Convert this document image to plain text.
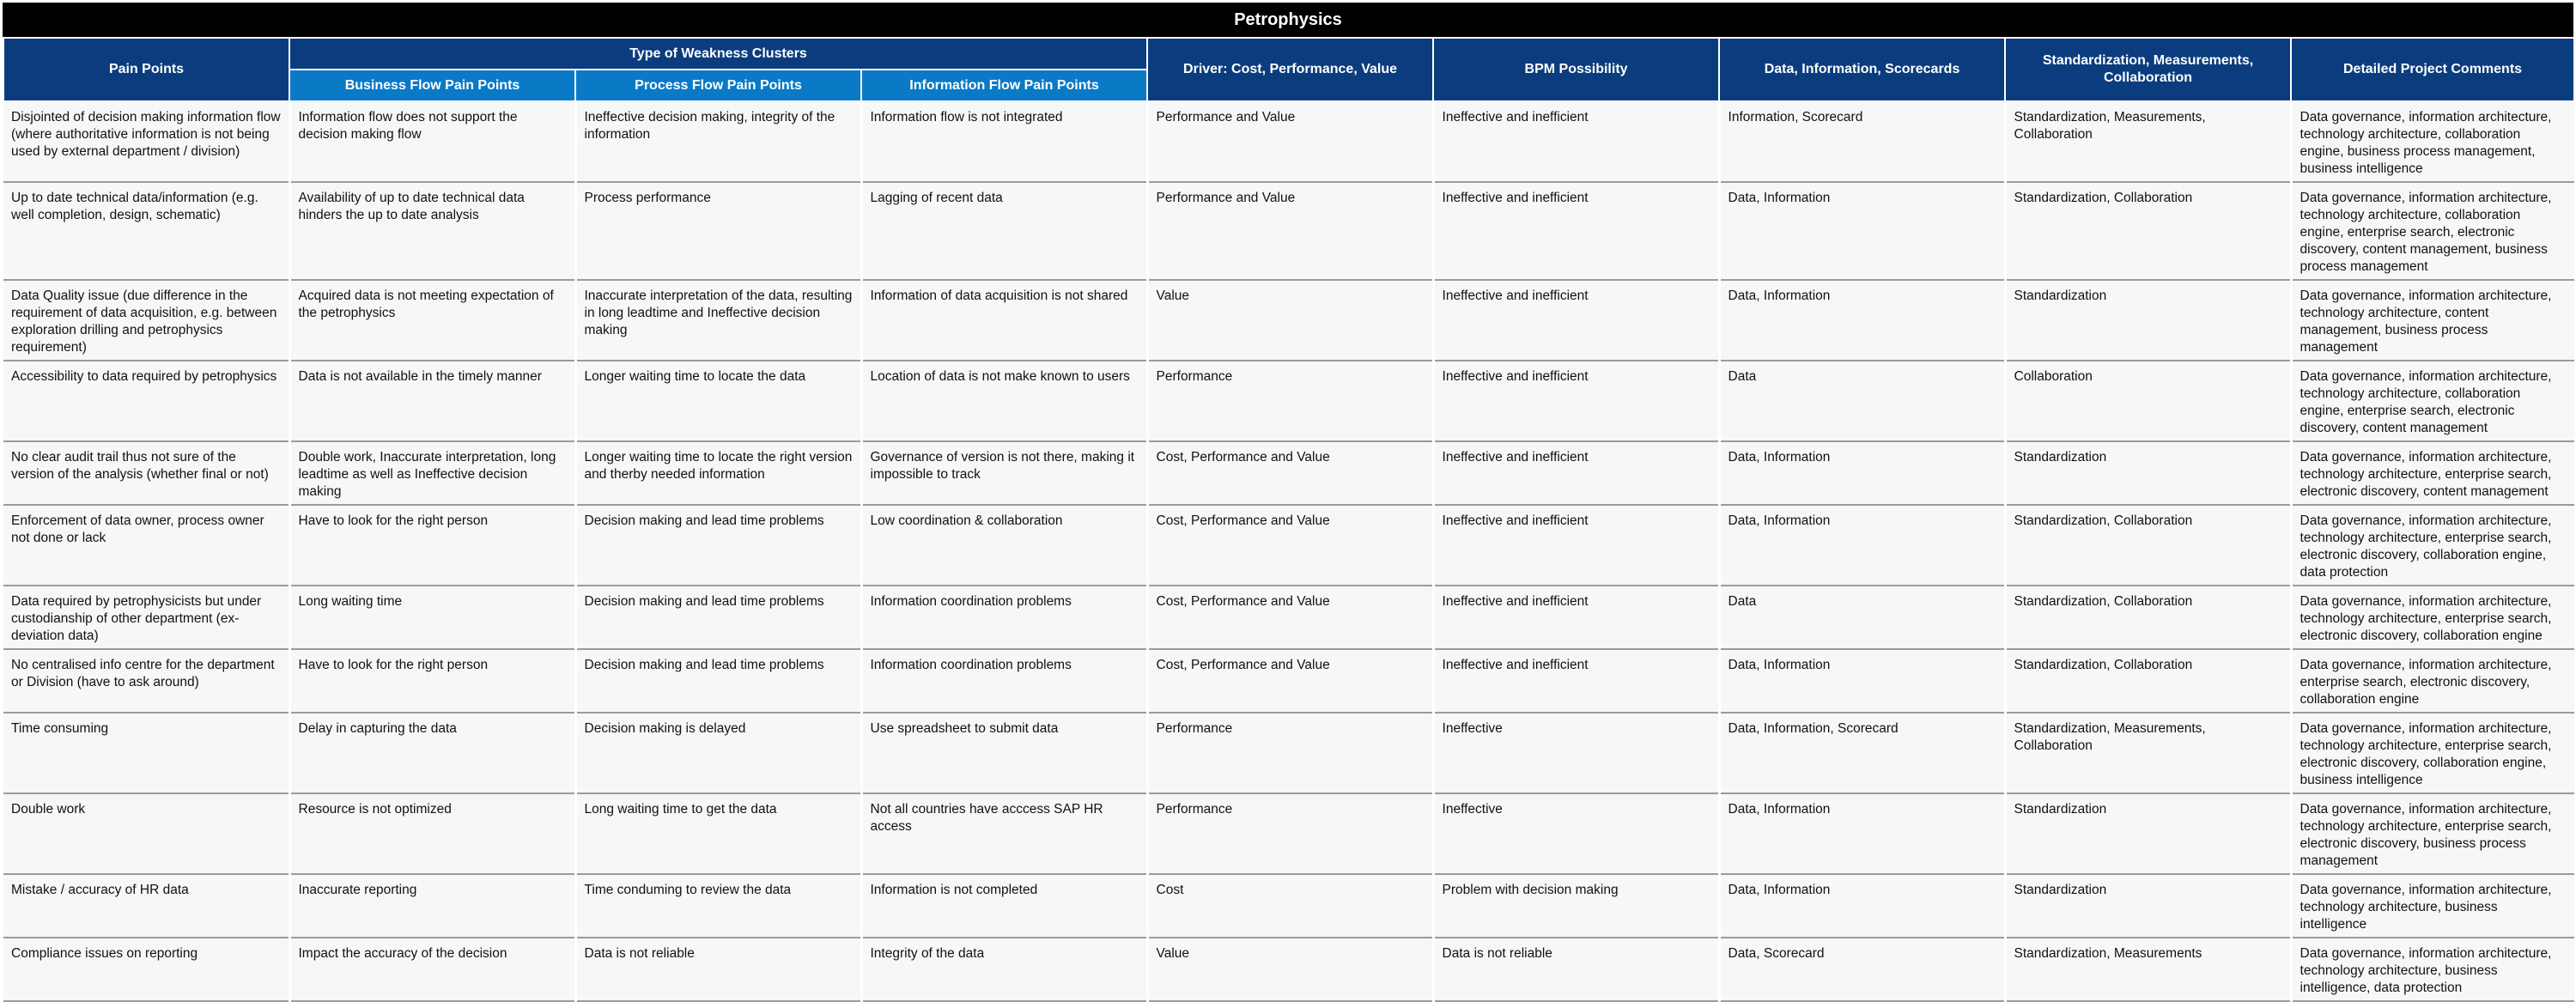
Petrophysics
Pain Points	Type of Weakness Clusters			Driver: Cost, Performance, Value	BPM Possibility	Data, Information, Scorecards	Standardization, Measurements, Collaboration	Detailed Project Comments
	Business Flow Pain Points	Process Flow Pain Points	Information Flow Pain Points					
Disjointed of decision making information flow (where authoritative information is not being used by external department / division)	Information flow does not support the decision making flow	Ineffective decision making, integrity of the information	Information flow is not integrated	Performance and Value	Ineffective and inefficient	Information, Scorecard	Standardization, Measurements, Collaboration	Data governance, information architecture, technology architecture, collaboration engine, business process management, business intelligence
Up to date technical data/information (e.g. well completion, design, schematic)	Availability of up to date technical data hinders the up to date analysis	Process performance	Lagging of recent data	Performance and Value	Ineffective and inefficient	Data, Information	Standardization, Collaboration	Data governance, information architecture, technology architecture, collaboration engine, enterprise search, electronic discovery, content management, business process management
Data Quality issue (due difference in the requirement of data acquisition, e.g. between exploration drilling and petrophysics requirement)	Acquired data is not meeting expectation of the petrophysics	Inaccurate interpretation of the data, resulting in long leadtime and Ineffective decision making	Information of data acquisition is not shared	Value	Ineffective and inefficient	Data, Information	Standardization	Data governance, information architecture, technology architecture, content management, business process management
Accessibility to data required by petrophysics	Data is not available in the timely manner	Longer waiting time to locate the data	Location of data is not make known to users	Performance	Ineffective and inefficient	Data	Collaboration	Data governance, information architecture, technology architecture, collaboration engine, enterprise search, electronic discovery, content management
No clear audit trail thus not sure of the version of the analysis (whether final or not)	Double work, Inaccurate interpretation, long leadtime as well as Ineffective decision making	Longer waiting time to locate the right version and therby needed information	Governance of version is not there, making it impossible to track	Cost, Performance and Value	Ineffective and inefficient	Data, Information	Standardization	Data governance, information architecture, technology architecture, enterprise search, electronic discovery, content management
Enforcement of data owner, process owner not done or lack	Have to look for the right person	Decision making and lead time problems	Low coordination & collaboration	Cost, Performance and Value	Ineffective and inefficient	Data, Information	Standardization, Collaboration	Data governance, information architecture, technology architecture, enterprise search, electronic discovery, collaboration engine, data protection
Data required by petrophysicists but under custodianship of other department (ex-deviation data)	Long waiting time	Decision making and lead time problems	Information coordination problems	Cost, Performance and Value	Ineffective and inefficient	Data	Standardization, Collaboration	Data governance, information architecture, technology architecture, enterprise search, electronic discovery, collaboration engine
No centralised info centre for the department or Division (have to ask around)	Have to look for the right person	Decision making and lead time problems	Information coordination problems	Cost, Performance and Value	Ineffective and inefficient	Data, Information	Standardization, Collaboration	Data governance, information architecture, enterprise search, electronic discovery, collaboration engine
Time consuming	Delay in capturing the data	Decision making is delayed	Use spreadsheet to submit data	Performance	Ineffective	Data, Information, Scorecard	Standardization, Measurements, Collaboration	Data governance, information architecture, technology architecture, enterprise search, electronic discovery, collaboration engine, business intelligence
Double work	Resource is not optimized	Long waiting time to get the data	Not all countries have acccess SAP HR access	Performance	Ineffective	Data, Information	Standardization	Data governance, information architecture, technology architecture, enterprise search, electronic discovery, business process management
Mistake / accuracy of HR data	Inaccurate reporting	Time conduming to review the data	Information is not completed	Cost	Problem with decision making	Data, Information	Standardization	Data governance, information architecture, technology architecture, business intelligence
Compliance issues on reporting	Impact the accuracy of the decision	Data is not reliable	Integrity of the data	Value	Data is not reliable	Data, Scorecard	Standardization, Measurements	Data governance, information architecture, technology architecture, business intelligence, data protection
